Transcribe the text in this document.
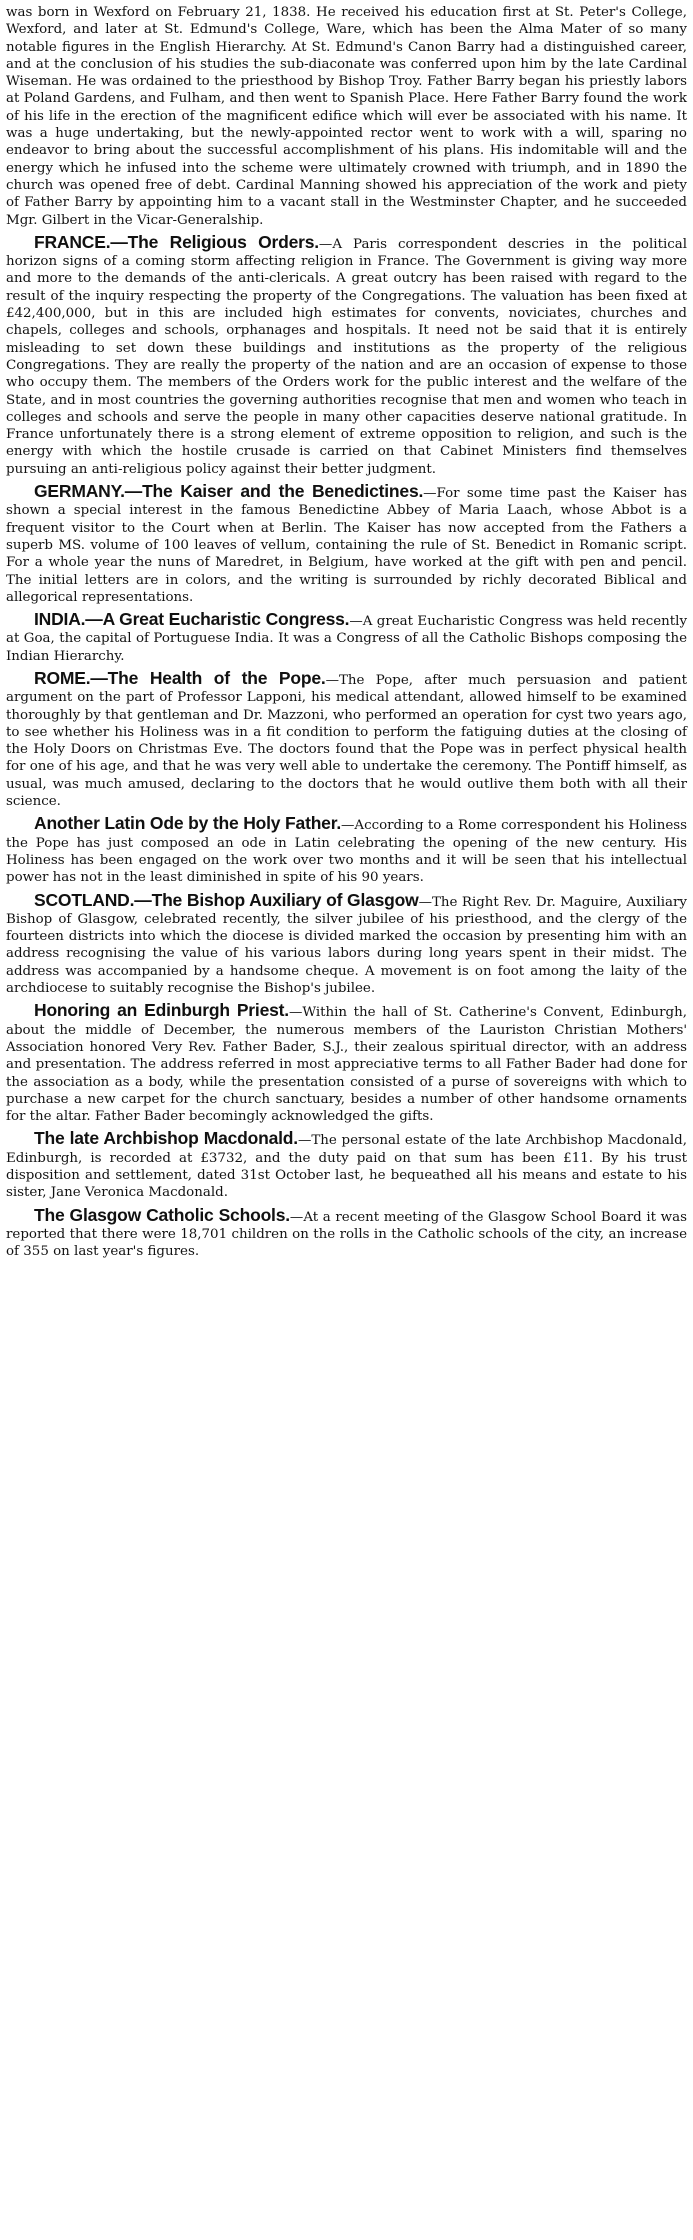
was born in Wexford on February 21, 1838. He received his education first at St. Peter's College, Wexford, and later at St. Edmund's College, Ware, which has been the Alma Mater of so many notable figures in the English Hierarchy. At St. Edmund's Canon Barry had a distinguished career, and at the conclusion of his studies the sub-diaconate was conferred upon him by the late Cardinal Wiseman. He was ordained to the priesthood by Bishop Troy. Father Barry began his priestly labors at Poland Gardens, and Fulham, and then went to Spanish Place. Here Father Barry found the work of his life in the erection of the magnificent edifice which will ever be associated with his name. It was a huge undertaking, but the newly-appointed rector went to work with a will, sparing no endeavor to bring about the successful accomplishment of his plans. His indomitable will and the energy which he infused into the scheme were ultimately crowned with triumph, and in 1890 the church was opened free of debt. Cardinal Manning showed his appreciation of the work and piety of Father Barry by appointing him to a vacant stall in the Westminster Chapter, and he succeeded Mgr. Gilbert in the Vicar-Generalship.

FRANCE.—The Religious Orders.—A Paris correspondent descries in the political horizon signs of a coming storm affecting religion in France. The Government is giving way more and more to the demands of the anti-clericals. A great outcry has been raised with regard to the result of the inquiry respecting the property of the Congregations. The valuation has been fixed at £42,400,000, but in this are included high estimates for convents, noviciates, churches and chapels, colleges and schools, orphanages and hospitals. It need not be said that it is entirely misleading to set down these buildings and institutions as the property of the religious Congregations. They are really the property of the nation and are an occasion of expense to those who occupy them. The members of the Orders work for the public interest and the welfare of the State, and in most countries the governing authorities recognise that men and women who teach in colleges and schools and serve the people in many other capacities deserve national gratitude. In France unfortunately there is a strong element of extreme opposition to religion, and such is the energy with which the hostile crusade is carried on that Cabinet Ministers find themselves pursuing an anti-religious policy against their better judgment.

GERMANY.—The Kaiser and the Benedictines.—For some time past the Kaiser has shown a special interest in the famous Benedictine Abbey of Maria Laach, whose Abbot is a frequent visitor to the Court when at Berlin. The Kaiser has now accepted from the Fathers a superb MS. volume of 100 leaves of vellum, containing the rule of St. Benedict in Romanic script. For a whole year the nuns of Maredret, in Belgium, have worked at the gift with pen and pencil. The initial letters are in colors, and the writing is surrounded by richly decorated Biblical and allegorical representations.

INDIA.—A Great Eucharistic Congress.—A great Eucharistic Congress was held recently at Goa, the capital of Portuguese India. It was a Congress of all the Catholic Bishops composing the Indian Hierarchy.

ROME.—The Health of the Pope.—The Pope, after much persuasion and patient argument on the part of Professor Lapponi, his medical attendant, allowed himself to be examined thoroughly by that gentleman and Dr. Mazzoni, who performed an operation for cyst two years ago, to see whether his Holiness was in a fit condition to perform the fatiguing duties at the closing of the Holy Doors on Christmas Eve. The doctors found that the Pope was in perfect physical health for one of his age, and that he was very well able to undertake the ceremony. The Pontiff himself, as usual, was much amused, declaring to the doctors that he would outlive them both with all their science.

Another Latin Ode by the Holy Father.—According to a Rome correspondent his Holiness the Pope has just composed an ode in Latin celebrating the opening of the new century. His Holiness has been engaged on the work over two months and it will be seen that his intellectual power has not in the least diminished in spite of his 90 years.

SCOTLAND.—The Bishop Auxiliary of Glasgow—The Right Rev. Dr. Maguire, Auxiliary Bishop of Glasgow, celebrated recently, the silver jubilee of his priesthood, and the clergy of the fourteen districts into which the diocese is divided marked the occasion by presenting him with an address recognising the value of his various labors during long years spent in their midst. The address was accompanied by a handsome cheque. A movement is on foot among the laity of the archdiocese to suitably recognise the Bishop's jubilee.

Honoring an Edinburgh Priest.—Within the hall of St. Catherine's Convent, Edinburgh, about the middle of December, the numerous members of the Lauriston Christian Mothers' Association honored Very Rev. Father Bader, S.J., their zealous spiritual director, with an address and presentation. The address referred in most appreciative terms to all Father Bader had done for the association as a body, while the presentation consisted of a purse of sovereigns with which to purchase a new carpet for the church sanctuary, besides a number of other handsome ornaments for the altar. Father Bader becomingly acknowledged the gifts.

The late Archbishop Macdonald.—The personal estate of the late Archbishop Macdonald, Edinburgh, is recorded at £3732, and the duty paid on that sum has been £11. By his trust disposition and settlement, dated 31st October last, he bequeathed all his means and estate to his sister, Jane Veronica Macdonald.

The Glasgow Catholic Schools.—At a recent meeting of the Glasgow School Board it was reported that there were 18,701 children on the rolls in the Catholic schools of the city, an increase of 355 on last year's figures.
